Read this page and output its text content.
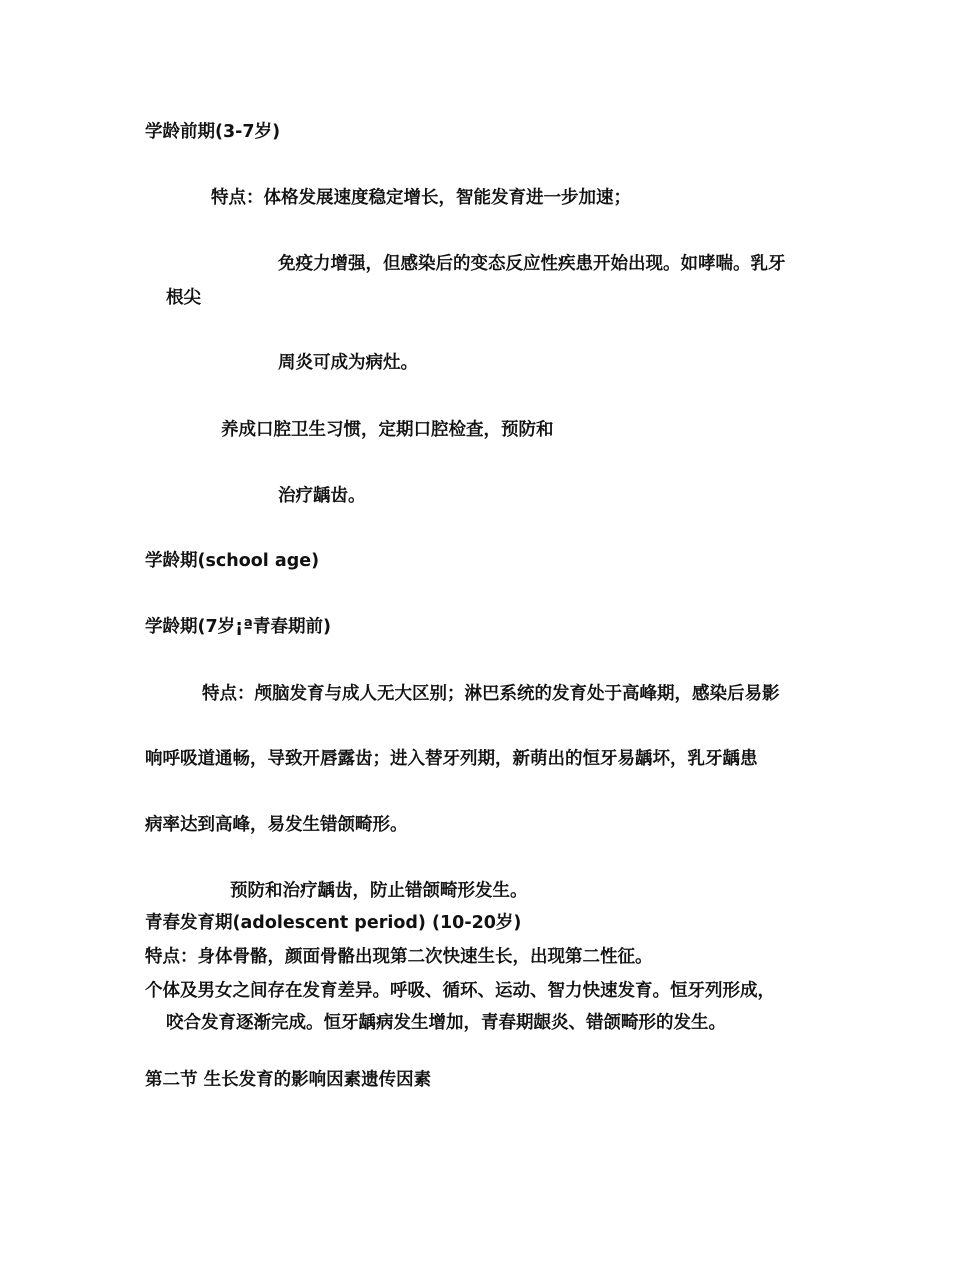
学龄前期(3-7岁)
特点：体格发展速度稳定增长，智能发育进一步加速；
免疫力增强，但感染后的变态反应性疾患开始出现。如哮喘。乳牙
根尖
周炎可成为病灶。
养成口腔卫生习惯，定期口腔检查，预防和
治疗龋齿。
学龄期(school age)
学龄期(7岁¡ª青春期前)
特点：颅脑发育与成人无大区别；淋巴系统的发育处于高峰期，感染后易影
响呼吸道通畅，导致开唇露齿；进入替牙列期，新萌出的恒牙易龋坏，乳牙龋患
病率达到高峰，易发生错颌畸形。
预防和治疗龋齿，防止错颌畸形发生。
青春发育期(adolescent period) (10-20岁)
特点：身体骨骼，颜面骨骼出现第二次快速生长，出现第二性征。
个体及男女之间存在发育差异。呼吸、循环、运动、智力快速发育。恒牙列形成，
咬合发育逐渐完成。恒牙龋病发生增加，青春期龈炎、错颌畸形的发生。
第二节 生长发育的影响因素遗传因素
